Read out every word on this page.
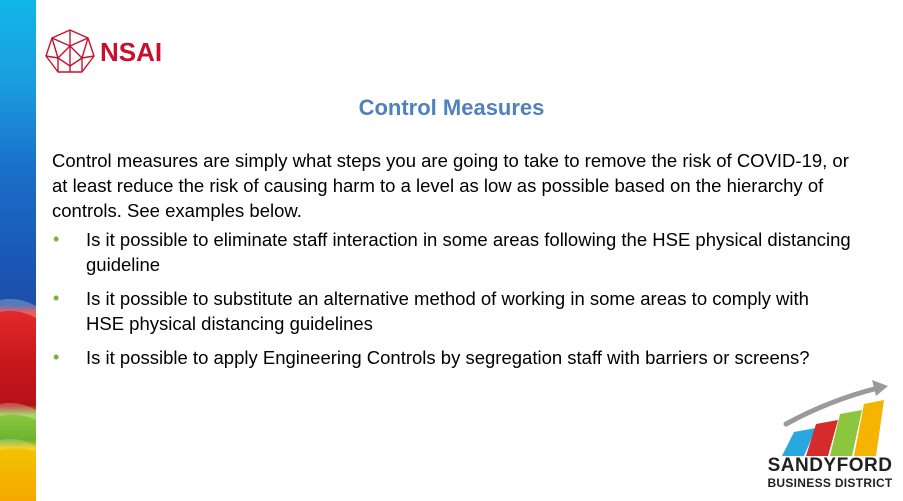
NSAI
Control Measures

Control measures are simply what steps you are going to take to remove the risk of COVID-19, or at least reduce the risk of causing harm to a level as low as possible based on the hierarchy of controls. See examples below.

• Is it possible to eliminate staff interaction in some areas following the HSE physical distancing guideline
• Is it possible to substitute an alternative method of working in some areas to comply with HSE physical distancing guidelines
• Is it possible to apply Engineering Controls by segregation staff with barriers or screens?
SANDYFORD
BUSINESS DISTRICT
